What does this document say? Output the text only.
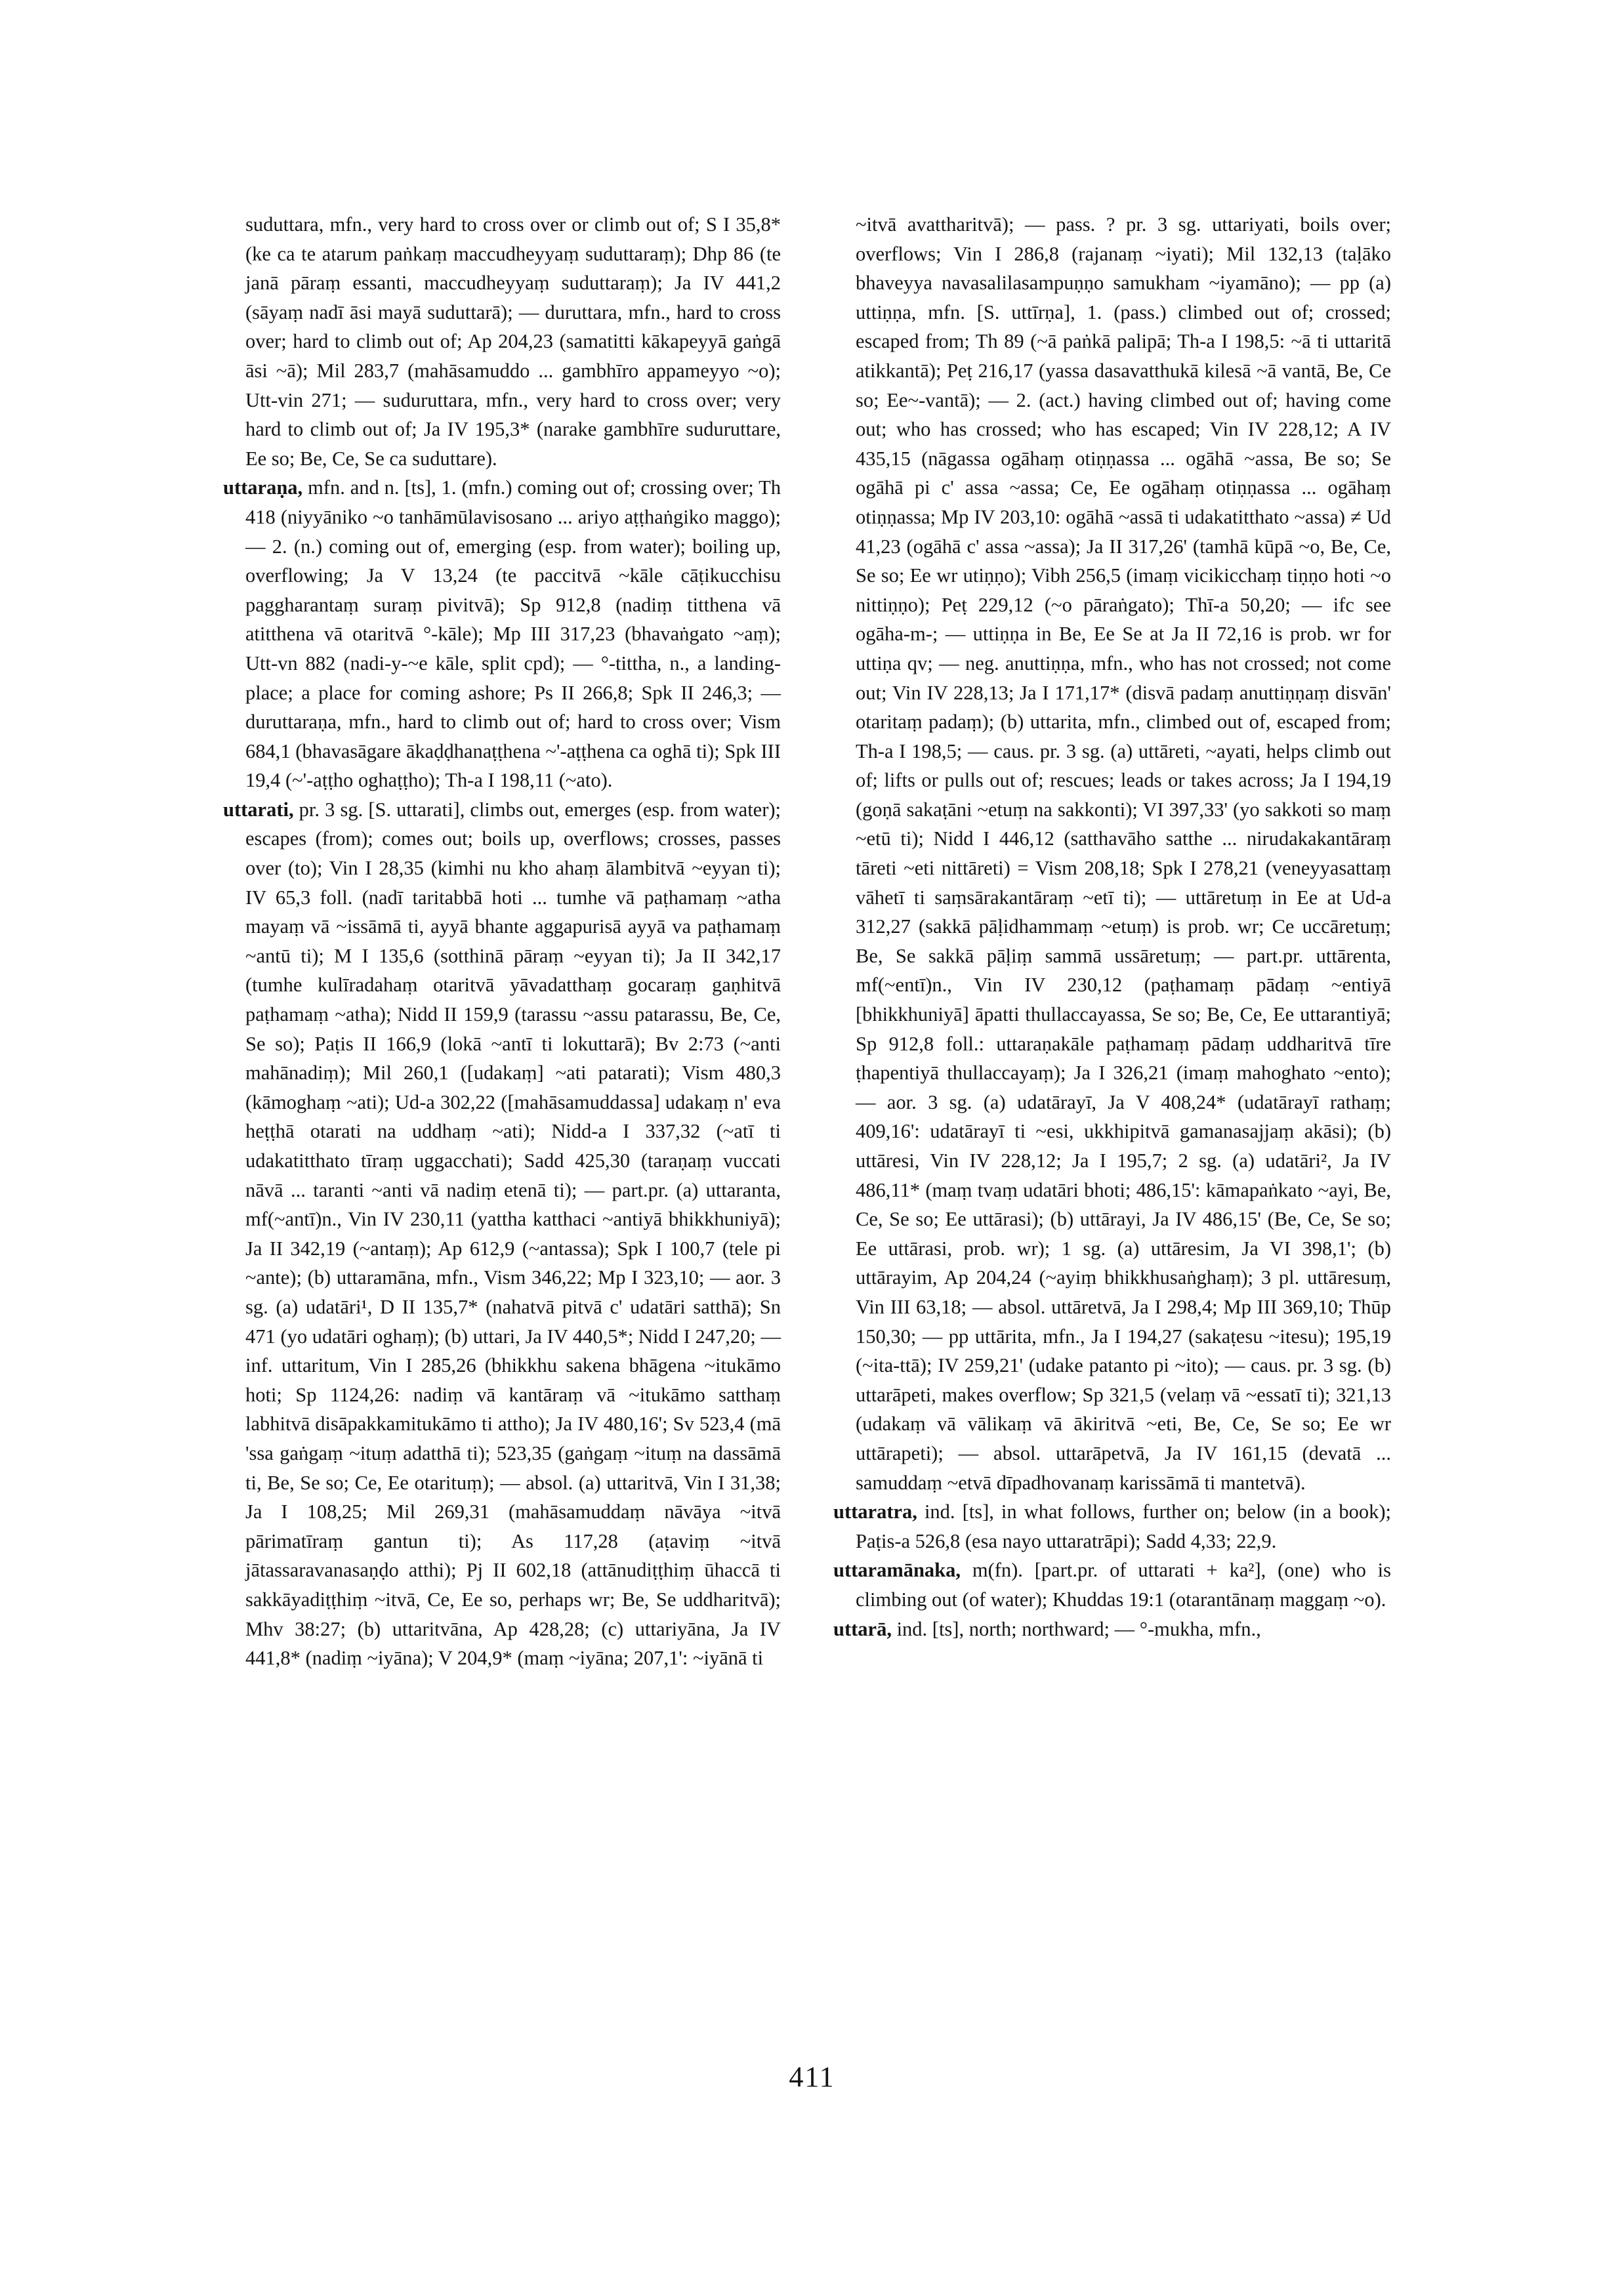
suduttara, mfn., very hard to cross over or climb out of; S I 35,8* (ke ca te atarum paṅkaṃ maccudheyyaṃ suduttaraṃ); Dhp 86 (te janā pāraṃ essanti, maccudheyyaṃ suduttaraṃ); Ja IV 441,2 (sāyaṃ nadī āsi mayā suduttarā); — duruttara, mfn., hard to cross over; hard to climb out of; Ap 204,23 (samatitti kākapeyyā gaṅgā āsi ~ā); Mil 283,7 (mahāsamuddo ... gambhīro appameyyo ~o); Utt-vin 271; — suduruttara, mfn., very hard to cross over; very hard to climb out of; Ja IV 195,3* (narake gambhīre suduruttare, Ee so; Be, Ce, Se ca suduttare).
uttaraṇa, mfn. and n. [ts], 1. (mfn.) coming out of; crossing over; Th 418 (niyyāniko ~o tanhāmūlavisosano ... ariyo aṭṭhaṅgiko maggo); — 2. (n.) coming out of, emerging (esp. from water); boiling up, overflowing; Ja V 13,24 (te paccitvā ~kāle cāṭikucchisu paggharantaṃ suraṃ pivitvā); Sp 912,8 (nadiṃ titthena vā atitthena vā otaritvā °-kāle); Mp III 317,23 (bhavaṅgato ~aṃ); Utt-vn 882 (nadi-y-~e kāle, split cpd); — °-tittha, n., a landing-place; a place for coming ashore; Ps II 266,8; Spk II 246,3; — duruttaraṇa, mfn., hard to climb out of; hard to cross over; Vism 684,1 (bhavasāgare ākaḍḍhanaṭṭhena ~'-aṭṭhena ca oghā ti); Spk III 19,4 (~'-aṭṭho oghaṭṭho); Th-a I 198,11 (~ato).
uttarati, pr. 3 sg. [S. uttarati], climbs out, emerges (esp. from water); escapes (from); comes out; boils up, overflows; crosses, passes over (to); Vin I 28,35 (kimhi nu kho ahaṃ ālambitvā ~eyyan ti); IV 65,3 foll. (nadī taritabbā hoti ... tumhe vā paṭhamaṃ ~atha mayaṃ vā ~issāmā ti, ayyā bhante aggapurisā ayyā va paṭhamaṃ ~antū ti); M I 135,6 (sotthinā pāraṃ ~eyyan ti); Ja II 342,17 (tumhe kulīradahaṃ otaritvā yāvadatthaṃ gocaraṃ gaṇhitvā paṭhamaṃ ~atha); Nidd II 159,9 (tarassu ~assu patarassu, Be, Ce, Se so); Paṭis II 166,9 (lokā ~antī ti lokuttarā); Bv 2:73 (~anti mahānadiṃ); Mil 260,1 ([udakaṃ] ~ati patarati); Vism 480,3 (kāmoghaṃ ~ati); Ud-a 302,22 ([mahāsamuddassa] udakaṃ n' eva heṭṭhā otarati na uddhaṃ ~ati); Nidd-a I 337,32 (~atī ti udakatitthato tīraṃ uggacchati); Sadd 425,30 (taraṇaṃ vuccati nāvā ... taranti ~anti vā nadiṃ etenā ti); — part.pr. (a) uttaranta, mf(~antī)n., Vin IV 230,11 (yattha katthaci ~antiyā bhikkhuniyā); Ja II 342,19 (~antaṃ); Ap 612,9 (~antassa); Spk I 100,7 (tele pi ~ante); (b) uttaramāna, mfn., Vism 346,22; Mp I 323,10; — aor. 3 sg. (a) udatāri¹, D II 135,7* (nahatvā pitvā c' udatāri satthā); Sn 471 (yo udatāri oghaṃ); (b) uttari, Ja IV 440,5*; Nidd I 247,20; — inf. uttaritum, Vin I 285,26 (bhikkhu sakena bhāgena ~itukāmo hoti; Sp 1124,26: nadiṃ vā kantāraṃ vā ~itukāmo satthaṃ labhitvā disāpakkamitukāmo ti attho); Ja IV 480,16'; Sv 523,4 (mā 'ssa gaṅgaṃ ~ituṃ adatthā ti); 523,35 (gaṅgaṃ ~ituṃ na dassāmā ti, Be, Se so; Ce, Ee otarituṃ); — absol. (a) uttaritvā, Vin I 31,38; Ja I 108,25; Mil 269,31 (mahāsamuddaṃ nāvāya ~itvā pārimatīraṃ gantun ti); As 117,28 (aṭaviṃ ~itvā jātassaravanasaṇḍo atthi); Pj II 602,18 (attānudiṭṭhiṃ ūhaccā ti sakkāyadiṭṭhiṃ ~itvā, Ce, Ee so, perhaps wr; Be, Se uddharitvā); Mhv 38:27; (b) uttaritvāna, Ap 428,28; (c) uttariyāna, Ja IV 441,8* (nadiṃ ~iyāna); V 204,9* (maṃ ~iyāna; 207,1': ~iyānā ti
~itvā avattharitvā); — pass. ? pr. 3 sg. uttariyati, boils over; overflows; Vin I 286,8 (rajanaṃ ~iyati); Mil 132,13 (taḷāko bhaveyya navasalilasampuṇṇo samukham ~iyamāno); — pp (a) uttiṇṇa, mfn. [S. uttīrṇa], 1. (pass.) climbed out of; crossed; escaped from; Th 89 (~ā paṅkā palipā; Th-a I 198,5: ~ā ti uttaritā atikkantā); Peṭ 216,17 (yassa dasavatthukā kilesā ~ā vantā, Be, Ce so; Ee~-vantā); — 2. (act.) having climbed out of; having come out; who has crossed; who has escaped; Vin IV 228,12; A IV 435,15 (nāgassa ogāhaṃ otiṇṇassa ... ogāhā ~assa, Be so; Se ogāhā pi c' assa ~assa; Ce, Ee ogāhaṃ otiṇṇassa ... ogāhaṃ otiṇṇassa; Mp IV 203,10: ogāhā ~assā ti udakatitthato ~assa) ≠ Ud 41,23 (ogāhā c' assa ~assa); Ja II 317,26' (tamhā kūpā ~o, Be, Ce, Se so; Ee wr utiṇṇo); Vibh 256,5 (imaṃ vicikicchaṃ tiṇṇo hoti ~o nittiṇṇo); Peṭ 229,12 (~o pāraṅgato); Thī-a 50,20; — ifc see ogāha-m-; — uttiṇṇa in Be, Ee Se at Ja II 72,16 is prob. wr for uttiṇa qv; — neg. anuttiṇṇa, mfn., who has not crossed; not come out; Vin IV 228,13; Ja I 171,17* (disvā padaṃ anuttiṇṇaṃ disvān' otaritaṃ padaṃ); (b) uttarita, mfn., climbed out of, escaped from; Th-a I 198,5; — caus. pr. 3 sg. (a) uttāreti, ~ayati, helps climb out of; lifts or pulls out of; rescues; leads or takes across; Ja I 194,19 (goṇā sakaṭāni ~etuṃ na sakkonti); VI 397,33' (yo sakkoti so maṃ ~etū ti); Nidd I 446,12 (satthavāho satthe ... nirudakakantāraṃ tāreti ~eti nittāreti) = Vism 208,18; Spk I 278,21 (veneyyasattaṃ vāhetī ti saṃsārakantāraṃ ~etī ti); — uttāretuṃ in Ee at Ud-a 312,27 (sakkā pāḷidhammaṃ ~etuṃ) is prob. wr; Ce uccāretuṃ; Be, Se sakkā pāḷiṃ sammā ussāretuṃ; — part.pr. uttārenta, mf(~entī)n., Vin IV 230,12 (paṭhamaṃ pādaṃ ~entiyā [bhikkhuniyā] āpatti thullaccayassa, Se so; Be, Ce, Ee uttarantiyā; Sp 912,8 foll.: uttaraṇakāle paṭhamaṃ pādaṃ uddharitvā tīre ṭhapentiyā thullaccayaṃ); Ja I 326,21 (imaṃ mahoghato ~ento); — aor. 3 sg. (a) udatārayī, Ja V 408,24* (udatārayī rathaṃ; 409,16': udatārayī ti ~esi, ukkhipitvā gamanasajjaṃ akāsi); (b) uttāresi, Vin IV 228,12; Ja I 195,7; 2 sg. (a) udatāri², Ja IV 486,11* (maṃ tvaṃ udatāri bhoti; 486,15': kāmapaṅkato ~ayi, Be, Ce, Se so; Ee uttārasi); (b) uttārayi, Ja IV 486,15' (Be, Ce, Se so; Ee uttārasi, prob. wr); 1 sg. (a) uttāresim, Ja VI 398,1'; (b) uttārayim, Ap 204,24 (~ayiṃ bhikkhusaṅghaṃ); 3 pl. uttāresuṃ, Vin III 63,18; — absol. uttāretvā, Ja I 298,4; Mp III 369,10; Thūp 150,30; — pp uttārita, mfn., Ja I 194,27 (sakaṭesu ~itesu); 195,19 (~ita-ttā); IV 259,21' (udake patanto pi ~ito); — caus. pr. 3 sg. (b) uttarāpeti, makes overflow; Sp 321,5 (velaṃ vā ~essatī ti); 321,13 (udakaṃ vā vālikaṃ vā ākiritvā ~eti, Be, Ce, Se so; Ee wr uttārapeti); — absol. uttarāpetvā, Ja IV 161,15 (devatā ... samuddaṃ ~etvā dīpadhovanaṃ karissāmā ti mantetvā).
uttaratra, ind. [ts], in what follows, further on; below (in a book); Paṭis-a 526,8 (esa nayo uttaratrāpi); Sadd 4,33; 22,9.
uttaramānaka, m(fn). [part.pr. of uttarati + ka²], (one) who is climbing out (of water); Khuddas 19:1 (otarantānaṃ maggaṃ ~o).
uttarā, ind. [ts], north; northward; — °-mukha, mfn.,
411
